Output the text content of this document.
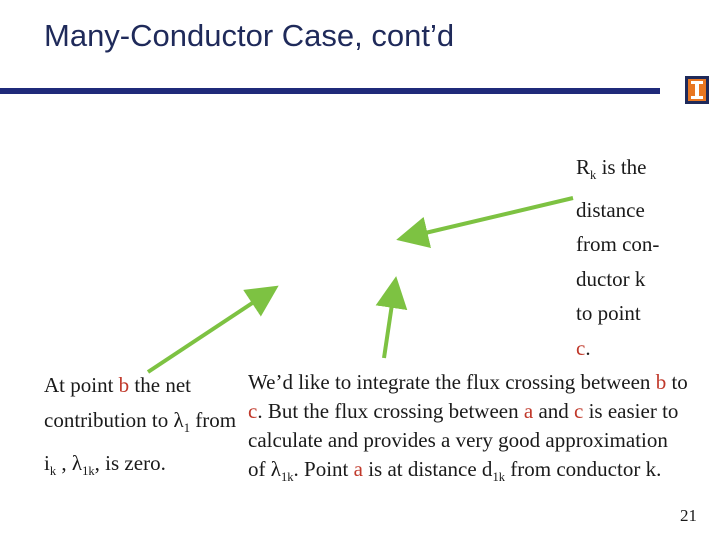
Many-Conductor Case, cont’d
$R_k$ is the
distance
from con-
ductor k
to point
c.
At point b the net contribution to $\lambda_1$ from $i_k$ , $\lambda_{1k}$, is zero.
We’d like to integrate the flux crossing between b to c. But the flux crossing between a and c is easier to calculate and provides a very good approximation of $\lambda_{1k}$. Point a is at distance $d_{1k}$ from conductor k.
21
